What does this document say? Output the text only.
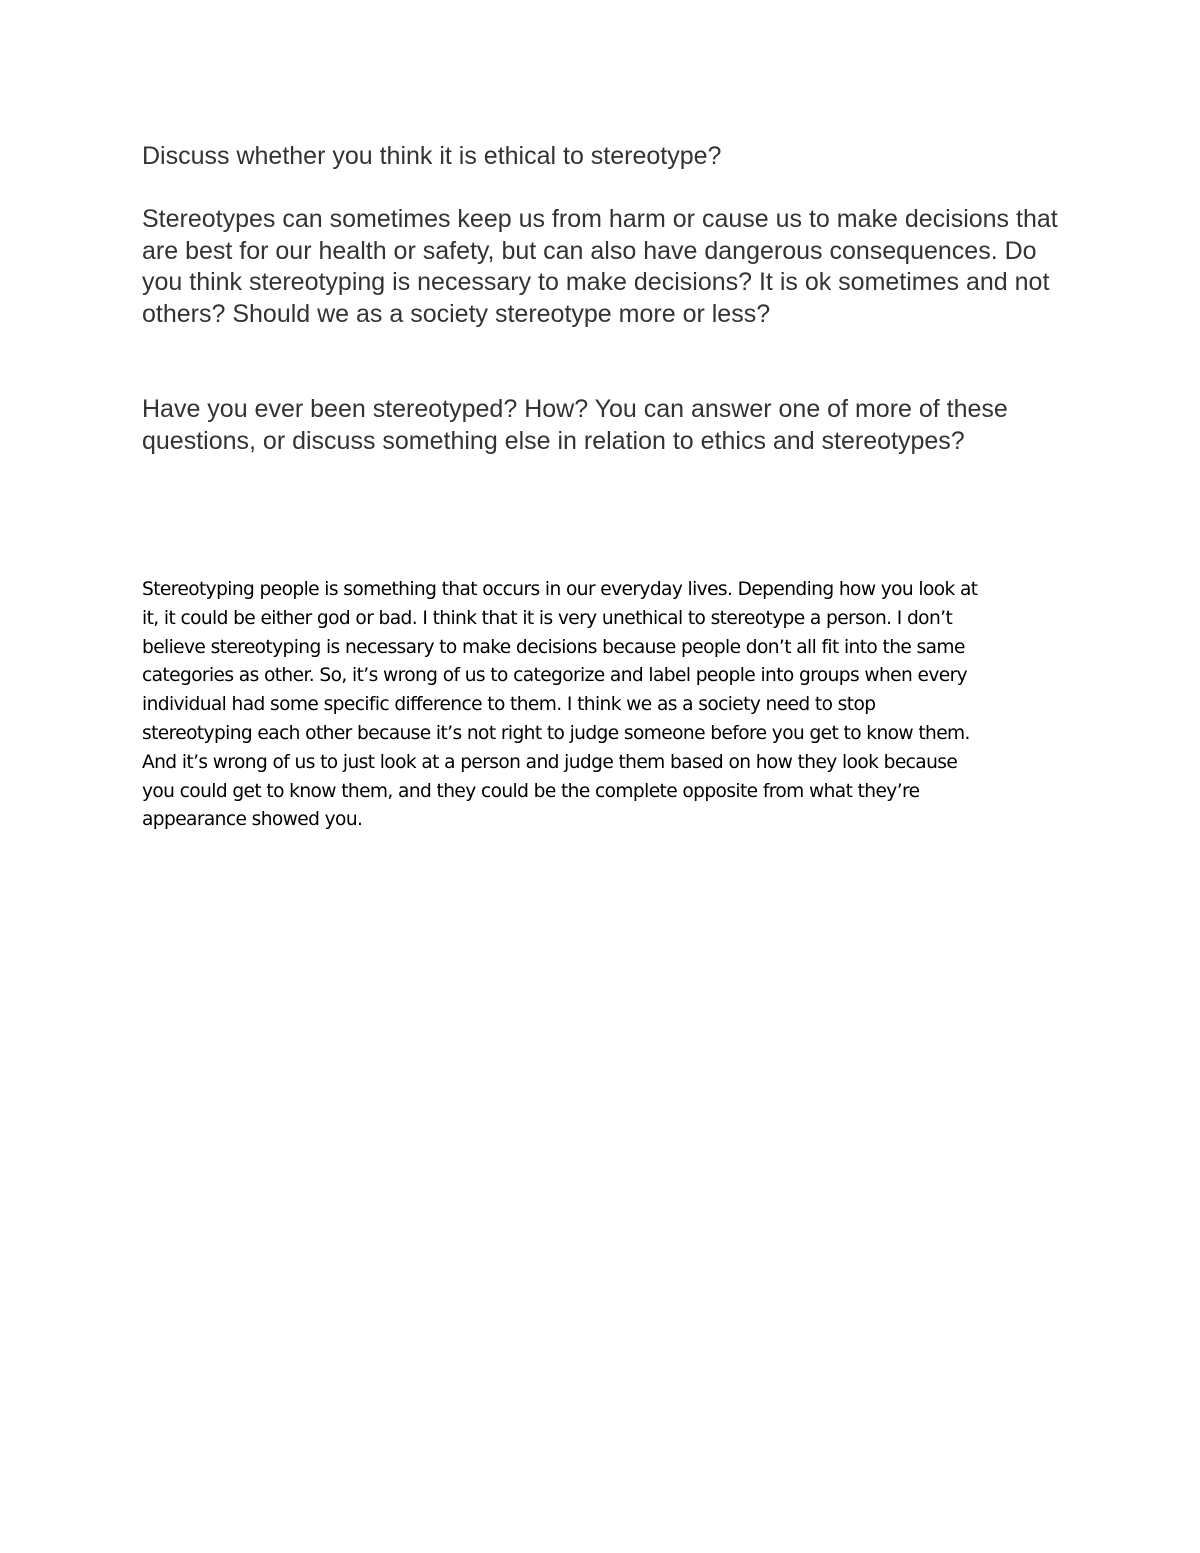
Discuss whether you think it is ethical to stereotype?

Stereotypes can sometimes keep us from harm or cause us to make decisions that are best for our health or safety, but can also have dangerous consequences. Do you think stereotyping is necessary to make decisions? It is ok sometimes and not others? Should we as a society stereotype more or less?

Have you ever been stereotyped? How? You can answer one of more of these questions, or discuss something else in relation to ethics and stereotypes?

Stereotyping people is something that occurs in our everyday lives. Depending how you look at
it, it could be either god or bad. I think that it is very unethical to stereotype a person. I don’t
believe stereotyping is necessary to make decisions because people don’t all fit into the same
categories as other. So, it’s wrong of us to categorize and label people into groups when every
individual had some specific difference to them. I think we as a society need to stop
stereotyping each other because it’s not right to judge someone before you get to know them.
And it’s wrong of us to just look at a person and judge them based on how they look because
you could get to know them, and they could be the complete opposite from what they’re
appearance showed you.
